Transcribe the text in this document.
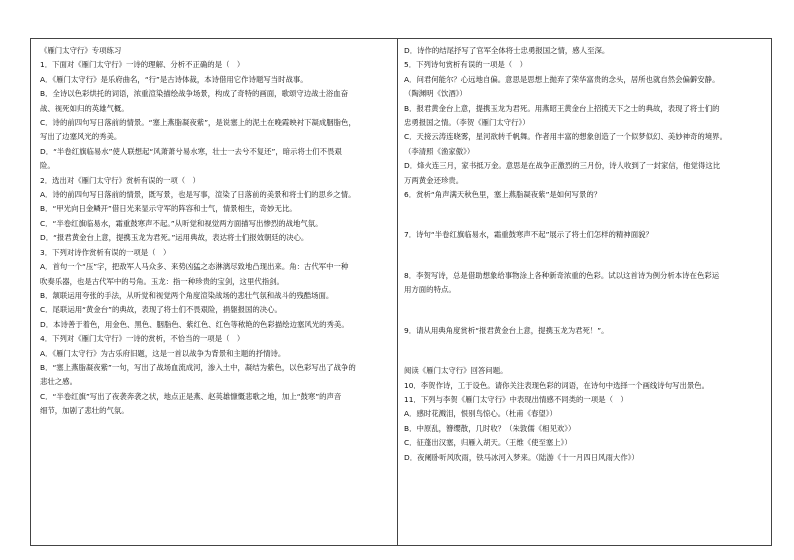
《雁门太守行》专项练习
1．下面对《雁门太守行》一诗的理解、分析不正确的是（　）
A．《雁门太守行》是乐府曲名，“行”是古诗体裁，本诗借用它作诗题写当时战事。
B．全诗以色彩烘托的词语，浓重渲染描绘战争场景，构成了奇特的画面，歌颂守边战士浴血奋
战、视死如归的英雄气概。
C．诗的前四句写日落前的情景。“塞上燕脂凝夜紫”，是说塞上的泥土在晚霞映衬下凝成胭脂色，
写出了边塞风光的秀美。
D．“半卷红旗临易水”使人联想起“风萧萧兮易水寒，壮士一去兮不复还”，暗示将士们不畏艰
险。
2．选出对《雁门太守行》赏析有误的一项（　）
A．诗的前四句写日落前的情景，既写景，也是写事，渲染了日落前的美景和将士们的思乡之情。
B．“甲光向日金鳞开”借日光来显示守军的阵容和士气，情景相生，奇妙无比。
C．“半卷红旗临易水，霜重鼓寒声不起。”从听觉和视觉两方面描写出惨烈的战地气氛。
D．“报君黄金台上意，提携玉龙为君死。”运用典故，表达将士们报效朝廷的决心。
3．下列对诗作赏析有误的一项是（　）
A．首句一个“压”字，把敌军人马众多、来势凶猛之态淋漓尽致地凸现出来。角：古代军中一种
吹奏乐器，也是古代军中的号角。玉龙：指一种珍贵的宝剑，这里代指剑。
B．颔联运用夸张的手法，从听觉和视觉两个角度渲染战场的悲壮气氛和战斗的残酷场面。
C．尾联运用“黄金台”的典故，表现了将士们不畏艰险，捐躯报国的决心。
D．本诗善于着色，用金色、黑色、胭脂色、紫红色、红色等秾艳的色彩描绘边塞风光的秀美。
4．下列对《雁门太守行》一诗的赏析，不恰当的一项是（　）
A．《雁门太守行》为古乐府旧题，这是一首以战争为背景和主题的抒情诗。
B．“塞上燕脂凝夜紫”一句，写出了战场血流成河，渗入土中，凝结为紫色，以色彩写出了战争的
悲壮之感。
C．“半卷红旗”写出了夜袭奔袭之状，地点正是燕、赵英雄慷慨悲歌之地，加上“鼓寒”的声音
细节，加剧了悲壮的气氛。
D．诗作的结尾抒写了官军全体将士忠勇报国之情，感人至深。
5．下列诗句赏析有误的一项是（　）
A．问君何能尔？心远地自偏。意思是思想上抛弃了荣华富贵的念头，居所也就自然会偏僻安静。
（陶渊明《饮酒》）
B．报君黄金台上意，提携玉龙为君死。用燕昭王黄金台上招揽天下之士的典故，表现了将士们的
忠勇报国之情。（李贺《雁门太守行》）
C．天接云涛连晓雾，星河欲转千帆舞。作者用丰富的想象创造了一个似梦似幻、美妙神奇的境界。
（李清照《渔家傲》）
D．烽火连三月，家书抵万金。意思是在战争正激烈的三月份，诗人收到了一封家信，他觉得这比
万两黄金还珍贵。
6．赏析“角声满天秋色里，塞上燕脂凝夜紫”是如何写景的？
7．诗句“半卷红旗临易水，霜重鼓寒声不起”展示了将士们怎样的精神面貌？
8．李贺写诗，总是借助想象给事物涂上各种新奇浓重的色彩。试以这首诗为例分析本诗在色彩运
用方面的特点。
9．请从用典角度赏析“报君黄金台上意，提携玉龙为君死！”。
阅读《雁门太守行》回答问题。
10．李贺作诗，工于设色。请你关注表现色彩的词语，在诗句中选择一个画线诗句写出景色。
11．下列与李贺《雁门太守行》中表现出情感不同类的一项是（　）
A．感时花溅泪，恨别鸟惊心。（杜甫《春望》）
B．中原乱，簪缨散，几时收？（朱敦儒《相见欢》）
C．征蓬出汉塞，归雁入胡天。（王维《使至塞上》）
D．夜阑卧听风吹雨，铁马冰河入梦来。（陆游《十一月四日风雨大作》）
